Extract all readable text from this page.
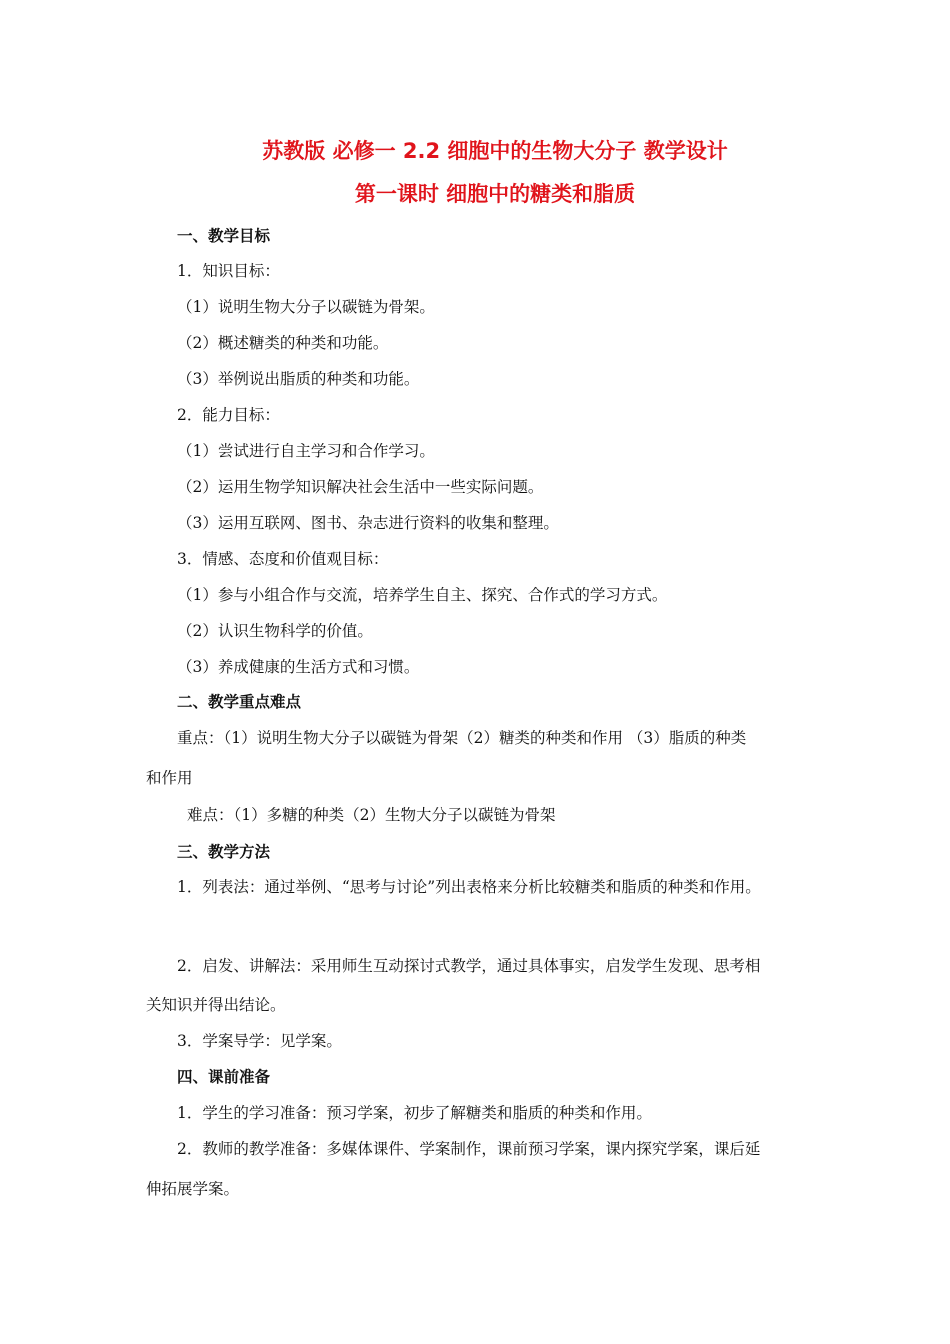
苏教版 必修一 2.2 细胞中的生物大分子 教学设计
第一课时 细胞中的糖类和脂质
一、教学目标
1．知识目标：
（1）说明生物大分子以碳链为骨架。
（2）概述糖类的种类和功能。
（3）举例说出脂质的种类和功能。
2．能力目标：
（1）尝试进行自主学习和合作学习。
（2）运用生物学知识解决社会生活中一些实际问题。
（3）运用互联网、图书、杂志进行资料的收集和整理。
3．情感、态度和价值观目标：
（1）参与小组合作与交流，培养学生自主、探究、合作式的学习方式。
（2）认识生物科学的价值。
（3）养成健康的生活方式和习惯。
二、教学重点难点
重点：（1）说明生物大分子以碳链为骨架（2）糖类的种类和作用 （3）脂质的种类
和作用
难点：（1）多糖的种类（2）生物大分子以碳链为骨架
三、教学方法
1．列表法：通过举例、“思考与讨论”列出表格来分析比较糖类和脂质的种类和作用。
2．启发、讲解法：采用师生互动探讨式教学，通过具体事实，启发学生发现、思考相
关知识并得出结论。
3．学案导学：见学案。
四、课前准备
1．学生的学习准备：预习学案，初步了解糖类和脂质的种类和作用。
2．教师的教学准备：多媒体课件、学案制作，课前预习学案，课内探究学案，课后延
伸拓展学案。
